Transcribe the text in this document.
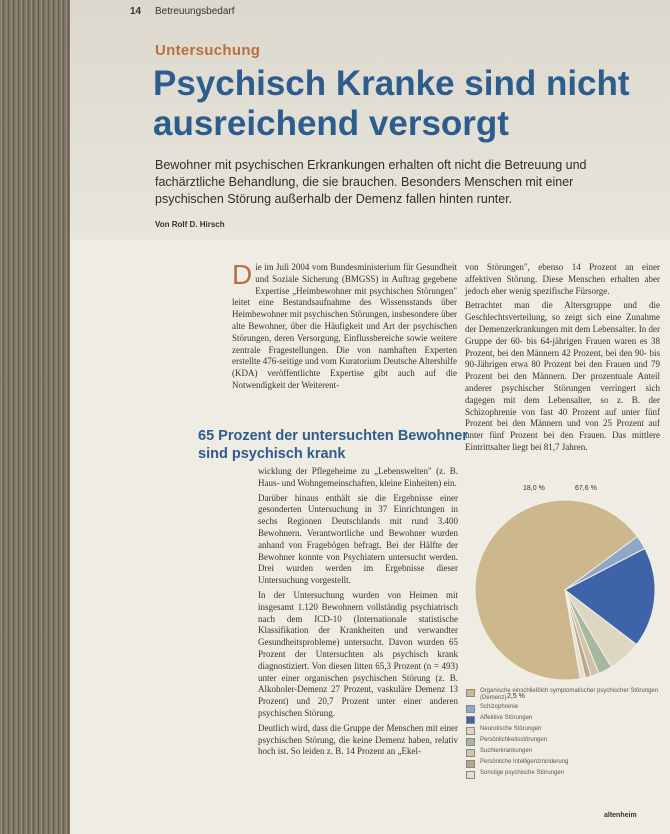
14 Betreuungsbedarf
Untersuchung
Psychisch Kranke sind nicht ausreichend versorgt
Bewohner mit psychischen Erkrankungen erhalten oft nicht die Betreuung und fachärztliche Behandlung, die sie brauchen. Besonders Menschen mit einer psychischen Störung außerhalb der Demenz fallen hinten runter.
Von Rolf D. Hirsch

Die im Juli 2004 vom Bundesministerium für Gesundheit und Soziale Sicherung (BMGSS) in Auftrag gegebene Expertise „Heimbewohner mit psychischen Störungen" leitet eine Bestandsaufnahme des Wissensstands über Heimbewohner mit psychischen Störungen, insbesondere über alte Bewohner, über die Häufigkeit und Art der psychischen Störungen, deren Versorgung, Einflussbereiche sowie weitere zentrale Fragestellungen. Die von namhaften Experten erstellte 476-seitige und vom Kuratorium Deutsche Altershilfe (KDA) veröffentlichte Expertise gibt auch auf die Notwendigkeit der Weiterent-

65 Prozent der untersuchten Bewohner sind psychisch krank

wicklung der Pflegeheime zu „Lebenswelten" (z. B. Haus- und Wohngemeinschaften, kleine Einheiten) ein.

Darüber hinaus enthält sie die Ergebnisse einer gesonderten Untersuchung in 37 Einrichtungen in sechs Regionen Deutschlands mit rund 3.400 Bewohnern. Verantwortliche und Bewohner wurden anhand von Fragebögen befragt. Bei der Hälfte der Bewohner konnte von Psychiatern untersucht werden. Drei wurden werden im Ergebnisse dieser Untersuchung vorgestellt.

In der Untersuchung wurden von Heimen mit insgesamt 1.120 Bewohnern vollständig psychiatrisch nach dem ICD-10 (Internationale statistische Klassifikation der Krankheiten und verwandter Gesundheitsprobleme) untersucht. Davon wurden 65 Prozent der Untersuchten als psychisch krank diagnostiziert. Von diesen litten 65,3 Prozent (n = 493) unter einer organischen psychischen Störung (z. B. Alkoholer-Demenz 27 Prozent, vaskuläre Demenz 13 Prozent) und 20,7 Prozent unter einer anderen psychischen Störung.

Deutlich wird, dass die Gruppe der Menschen mit einer psychischen Störung, die keine Demenz haben, relativ hoch ist. So leiden z. B. 14 Prozent an „Ekel-

von Störungen", ebenso 14 Prozent an einer affektiven Störung. Diese Menschen erhalten aber jedoch eher wenig spezifische Fürsorge.

Betrachtet man die Altersgruppe und die Geschlechtsverteilung, so zeigt sich eine Zunahme der Demenzerkrankungen mit dem Lebensalter. In der Gruppe der 60- bis 64-jährigen Frauen waren es 38 Prozent, bei den Männern 42 Prozent, bei den 90- bis 90-Jährigen etwa 80 Prozent bei den Frauen und 79 Prozent bei den Männern. Der prozentuale Anteil anderer psychischer Störungen verringert sich dagegen mit dem Lebensalter, so z. B. der Schizophrenie von fast 40 Prozent auf unter fünf Prozent bei den Männern und von 25 Prozent auf unter fünf Prozent bei den Frauen. Das mittlere Eintrittsalter liegt bei 81,7 Jahren.

2,5 %
18,0 %	67,6 %
Organische einschließlich symptomatischer psychischer Störungen (Demenz)
Schizophrenie
Affektive Störungen
Neurotische Störungen
Persönlichkeitsstörungen
Suchterkrankungen
Persönliche Intelligenzminderung
Sonstige psychische Störungen
altenheim
